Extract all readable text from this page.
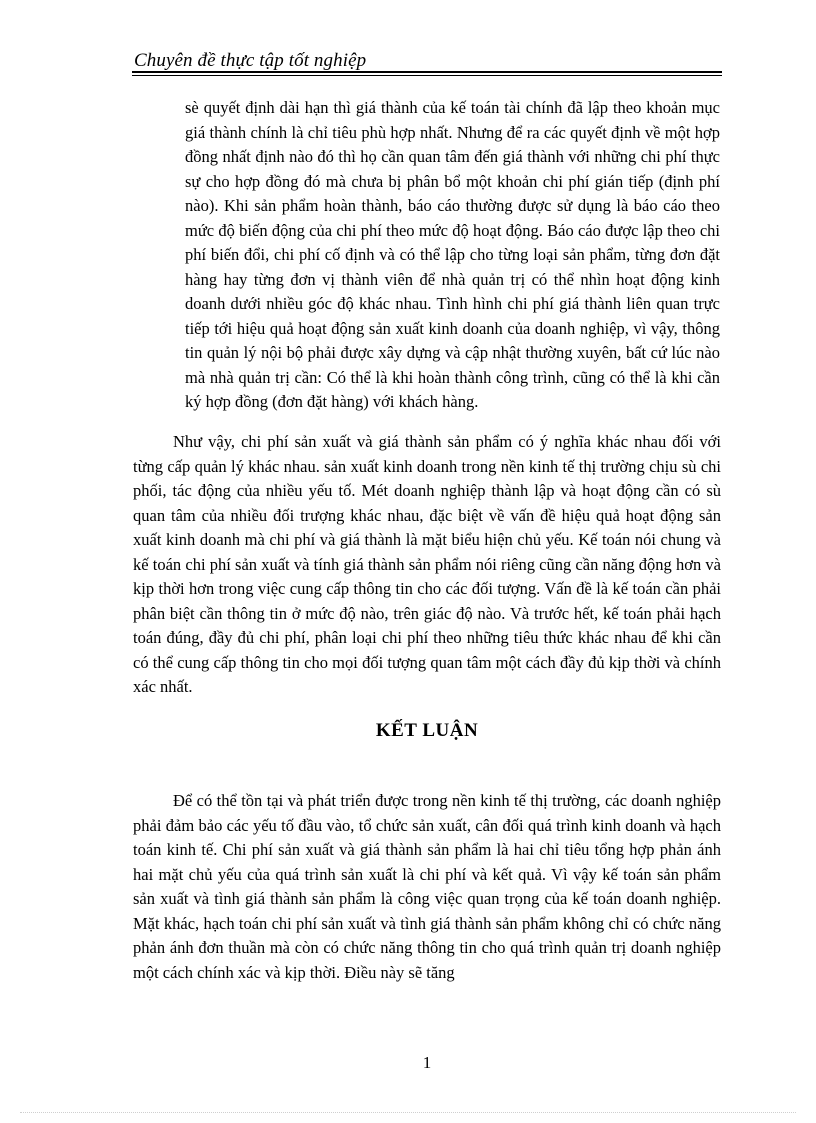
Chuyên đề thực tập tốt nghiệp

sè quyết định dài hạn thì giá thành của kế toán tài chính đã lập theo khoản mục giá thành chính là chỉ tiêu phù hợp nhất. Nhưng để ra các quyết định về một hợp đồng nhất định nào đó thì họ cần quan tâm đến giá thành với những chi phí thực sự cho hợp đồng đó mà chưa bị phân bổ một khoản chi phí gián tiếp (định phí nào). Khi sản phẩm hoàn thành, báo cáo thường được sử dụng là báo cáo theo mức độ biến động của chi phí theo mức độ hoạt động. Báo cáo được lập theo chi phí biến đổi, chi phí cố định và có thể lập cho từng loại sản phẩm, từng đơn đặt hàng hay từng đơn vị thành viên để nhà quản trị có thể nhìn hoạt động kinh doanh dưới nhiều góc độ khác nhau. Tình hình chi phí giá thành liên quan trực tiếp tới hiệu quả hoạt động sản xuất kinh doanh của doanh nghiệp, vì vậy, thông tin quản lý nội bộ phải được xây dựng và cập nhật thường xuyên, bất cứ lúc nào mà nhà quản trị cần: Có thể là khi hoàn thành công trình, cũng có thể là khi cần ký hợp đồng (đơn đặt hàng) với khách hàng.

Như vậy, chi phí sản xuất và giá thành sản phẩm có ý nghĩa khác nhau đối với từng cấp quản lý khác nhau. sản xuất kinh doanh trong nền kinh tế thị trường chịu sù chi phối, tác động của nhiều yếu tố. Mét doanh nghiệp thành lập và hoạt động cần có sù quan tâm của nhiều đối trượng khác nhau, đặc biệt về vấn đề hiệu quả hoạt động sản xuất kinh doanh mà chi phí và giá thành là mặt biểu hiện chủ yếu. Kế toán nói chung và kế toán chi phí sản xuất và tính giá thành sản phẩm nói riêng cũng cần năng động hơn và kịp thời hơn trong việc cung cấp thông tin cho các đối tượng. Vấn đề là kế toán cần phải phân biệt cần thông tin ở mức độ nào, trên giác độ nào. Và trước hết, kế toán phải hạch toán đúng, đầy đủ chi phí, phân loại chi phí theo những tiêu thức khác nhau để khi cần có thể cung cấp thông tin cho mọi đối tượng quan tâm một cách đầy đủ kịp thời và chính xác nhất.

KẾT LUẬN

Để có thể tồn tại và phát triển được trong nền kinh tế thị trường, các doanh nghiệp phải đảm bảo các yếu tố đầu vào, tổ chức sản xuất, cân đối quá trình kinh doanh và hạch toán kinh tế. Chi phí sản xuất và giá thành sản phẩm là hai chỉ tiêu tổng hợp phản ánh hai mặt chủ yếu của quá trình sản xuất là chi phí và kết quả. Vì vậy kế toán sản phẩm sản xuất và tình giá thành sản phẩm là công việc quan trọng của kế toán doanh nghiệp. Mặt khác, hạch toán chi phí sản xuất và tình giá thành sản phẩm không chỉ có chức năng phản ánh đơn thuần mà còn có chức năng thông tin cho quá trình quản trị doanh nghiệp một cách chính xác và kịp thời. Điều này sẽ tăng

1
